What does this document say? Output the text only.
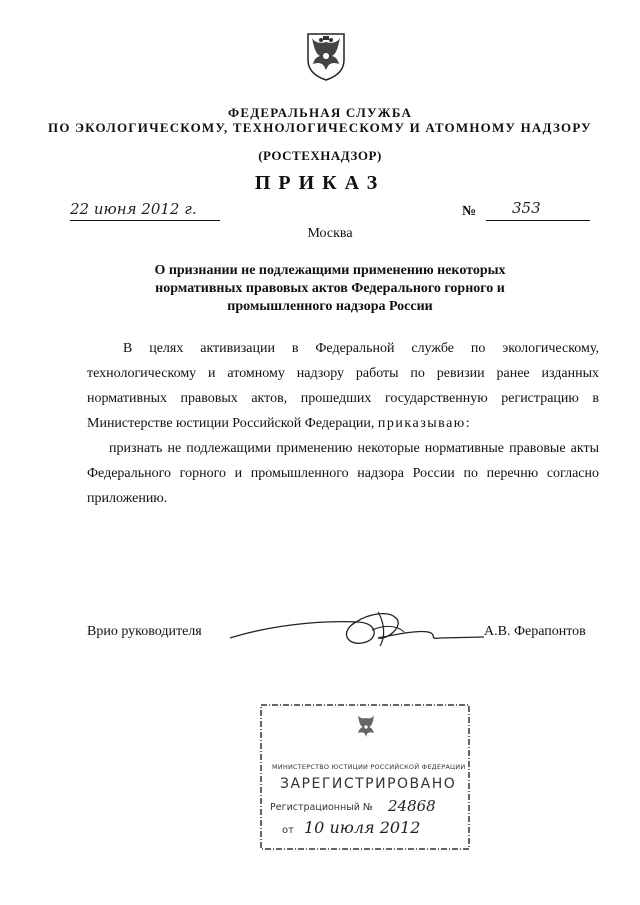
ФЕДЕРАЛЬНАЯ СЛУЖБА
ПО ЭКОЛОГИЧЕСКОМУ, ТЕХНОЛОГИЧЕСКОМУ И АТОМНОМУ НАДЗОРУ
(РОСТЕХНАДЗОР)
ПРИКАЗ
22 июня 2012 г.	№ 353
Москва
О признании не подлежащими применению некоторых
нормативных правовых актов Федерального горного и
промышленного надзора России

В целях активизации в Федеральной службе по экологическому, технологическому и атомному надзору работы по ревизии ранее изданных нормативных правовых актов, прошедших государственную регистрацию в Министерстве юстиции Российской Федерации, приказываю:

признать не подлежащими применению некоторые нормативные правовые акты Федерального горного и промышленного надзора России по перечню согласно приложению.

Врио руководителя	А.В. Ферапонтов
МИНИСТЕРСТВО ЮСТИЦИИ РОССИЙСКОЙ ФЕДЕРАЦИИ
ЗАРЕГИСТРИРОВАНО
Регистрационный № 24868
от 10 июля 2012
